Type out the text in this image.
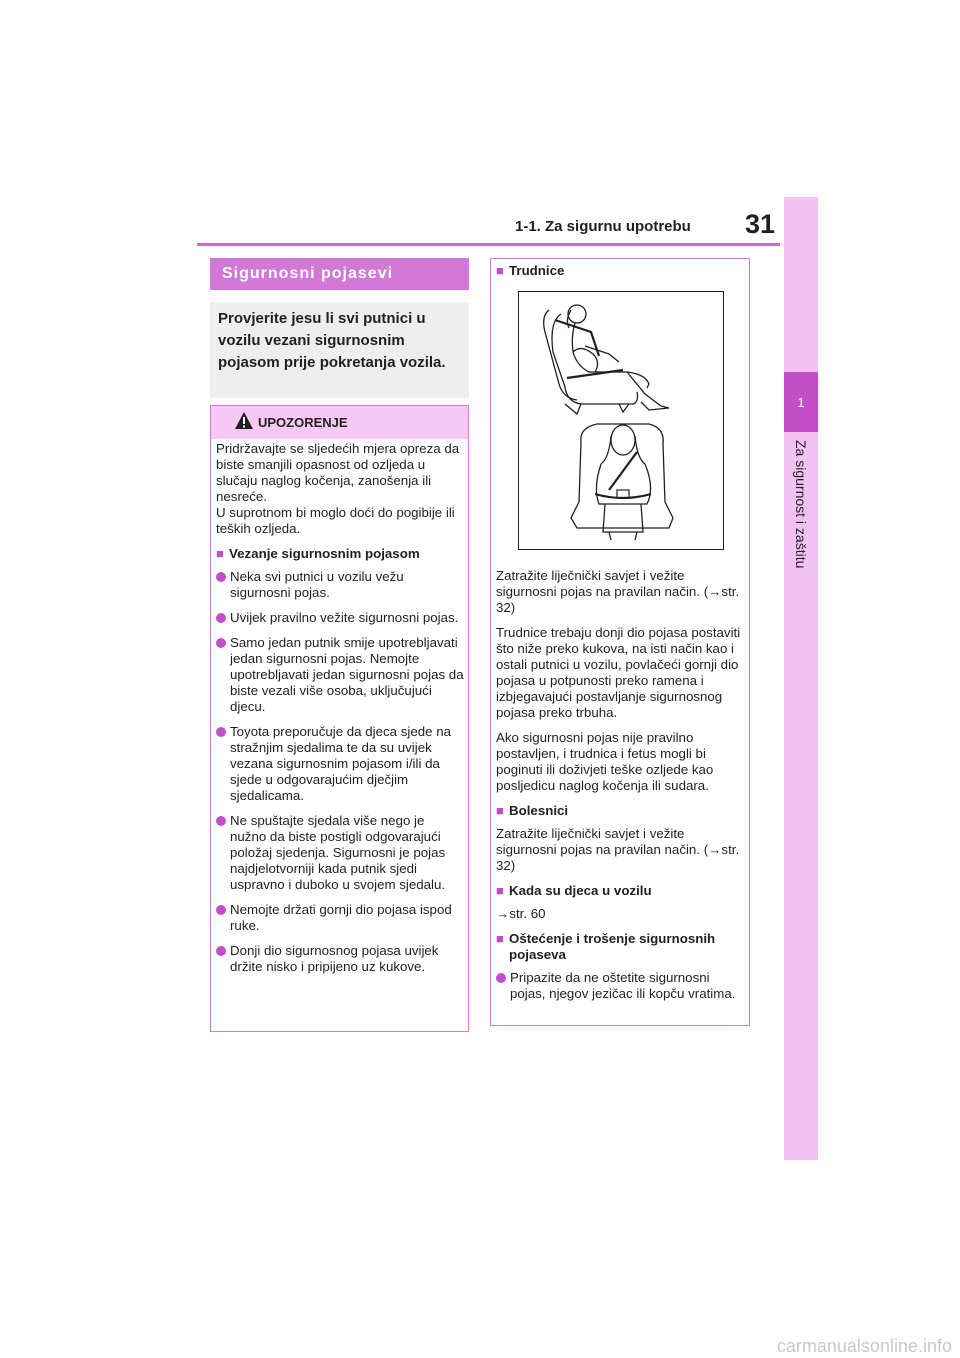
1-1. Za sigurnu upotrebu	31
1
Za sigurnost i zaštitu
Sigurnosni pojasevi
Provjerite jesu li svi putnici u vozilu vezani sigurnosnim pojasom prije pokretanja vozila.
UPOZORENJE
Pridržavajte se sljedećih mjera opreza da biste smanjili opasnost od ozljeda u slučaju naglog kočenja, zanošenja ili nesreće.
U suprotnom bi moglo doći do pogibije ili teških ozljeda.
■ Vezanje sigurnosnim pojasom
Neka svi putnici u vozilu vežu sigurnosni pojas.
Uvijek pravilno vežite sigurnosni pojas.
Samo jedan putnik smije upotrebljavati jedan sigurnosni pojas. Nemojte upotrebljavati jedan sigurnosni pojas da biste vezali više osoba, uključujući djecu.
Toyota preporučuje da djeca sjede na stražnjim sjedalima te da su uvijek vezana sigurnosnim pojasom i/ili da sjede u odgovarajućim dječjim sjedalicama.
Ne spuštajte sjedala više nego je nužno da biste postigli odgovarajući položaj sjedenja. Sigurnosni je pojas najdjelotvorniji kada putnik sjedi uspravno i duboko u svojem sjedalu.
Nemojte držati gornji dio pojasa ispod ruke.
Donji dio sigurnosnog pojasa uvijek držite nisko i pripijeno uz kukove.
■ Trudnice
Zatražite liječnički savjet i vežite sigurnosni pojas na pravilan način. (→str. 32)
Trudnice trebaju donji dio pojasa postaviti što niže preko kukova, na isti način kao i ostali putnici u vozilu, povlačeći gornji dio pojasa u potpunosti preko ramena i izbjegavajući postavljanje sigurnosnog pojasa preko trbuha.
Ako sigurnosni pojas nije pravilno postavljen, i trudnica i fetus mogli bi poginuti ili doživjeti teške ozljede kao posljedicu naglog kočenja ili sudara.
■ Bolesnici
Zatražite liječnički savjet i vežite sigurnosni pojas na pravilan način. (→str. 32)
■ Kada su djeca u vozilu
→str. 60
■ Oštećenje i trošenje sigurnosnih pojaseva
Pripazite da ne oštetite sigurnosni pojas, njegov jezičac ili kopču vratima.
carmanualsonline.info
